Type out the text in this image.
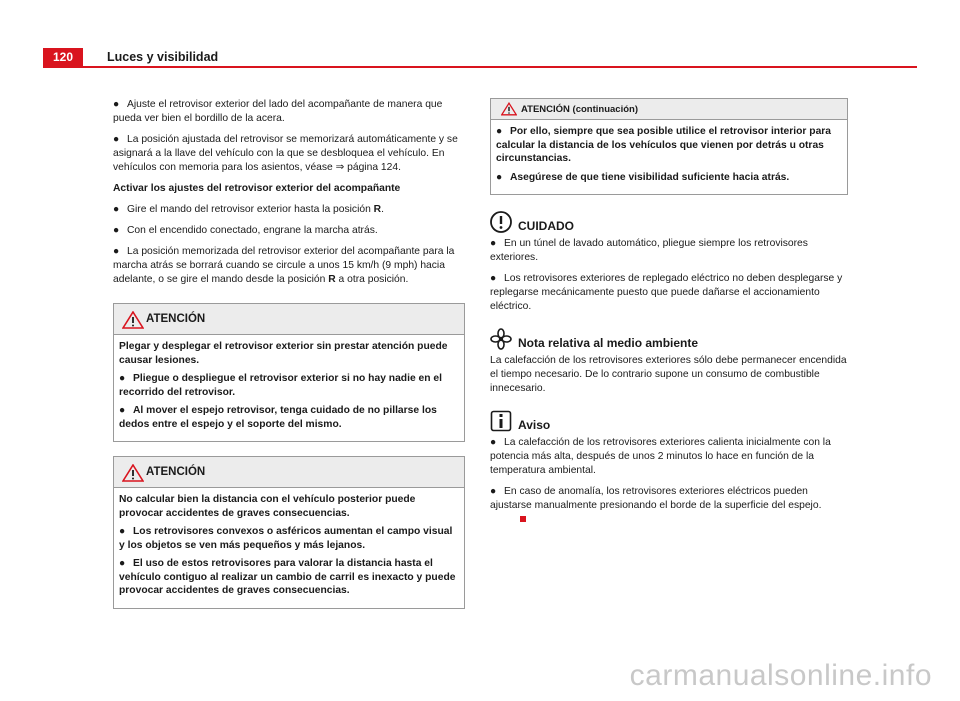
120	Luces y visibilidad

● Ajuste el retrovisor exterior del lado del acompañante de manera que pueda ver bien el bordillo de la acera.

● La posición ajustada del retrovisor se memorizará automáticamente y se asignará a la llave del vehículo con la que se desbloquea el vehículo. En vehículos con memoria para los asientos, véase ⇒ página 124.

Activar los ajustes del retrovisor exterior del acompañante

● Gire el mando del retrovisor exterior hasta la posición R.

● Con el encendido conectado, engrane la marcha atrás.

● La posición memorizada del retrovisor exterior del acompañante para la marcha atrás se borrará cuando se circule a unos 15 km/h (9 mph) hacia adelante, o se gire el mando desde la posición R a otra posición.

ATENCIÓN

Plegar y desplegar el retrovisor exterior sin prestar atención puede causar lesiones.

● Pliegue o despliegue el retrovisor exterior si no hay nadie en el recorrido del retrovisor.

● Al mover el espejo retrovisor, tenga cuidado de no pillarse los dedos entre el espejo y el soporte del mismo.

ATENCIÓN

No calcular bien la distancia con el vehículo posterior puede provocar accidentes de graves consecuencias.

● Los retrovisores convexos o asféricos aumentan el campo visual y los objetos se ven más pequeños y más lejanos.

● El uso de estos retrovisores para valorar la distancia hasta el vehículo contiguo al realizar un cambio de carril es inexacto y puede provocar accidentes de graves consecuencias.

ATENCIÓN (continuación)

● Por ello, siempre que sea posible utilice el retrovisor interior para calcular la distancia de los vehículos que vienen por detrás u otras circunstancias.

● Asegúrese de que tiene visibilidad suficiente hacia atrás.

CUIDADO

● En un túnel de lavado automático, pliegue siempre los retrovisores exteriores.

● Los retrovisores exteriores de replegado eléctrico no deben desplegarse y replegarse mecánicamente puesto que puede dañarse el accionamiento eléctrico.

Nota relativa al medio ambiente

La calefacción de los retrovisores exteriores sólo debe permanecer encendida el tiempo necesario. De lo contrario supone un consumo de combustible innecesario.

Aviso

● La calefacción de los retrovisores exteriores calienta inicialmente con la potencia más alta, después de unos 2 minutos lo hace en función de la temperatura ambiental.

● En caso de anomalía, los retrovisores exteriores eléctricos pueden ajustarse manualmente presionando el borde de la superficie del espejo.

carmanualsonline.info
